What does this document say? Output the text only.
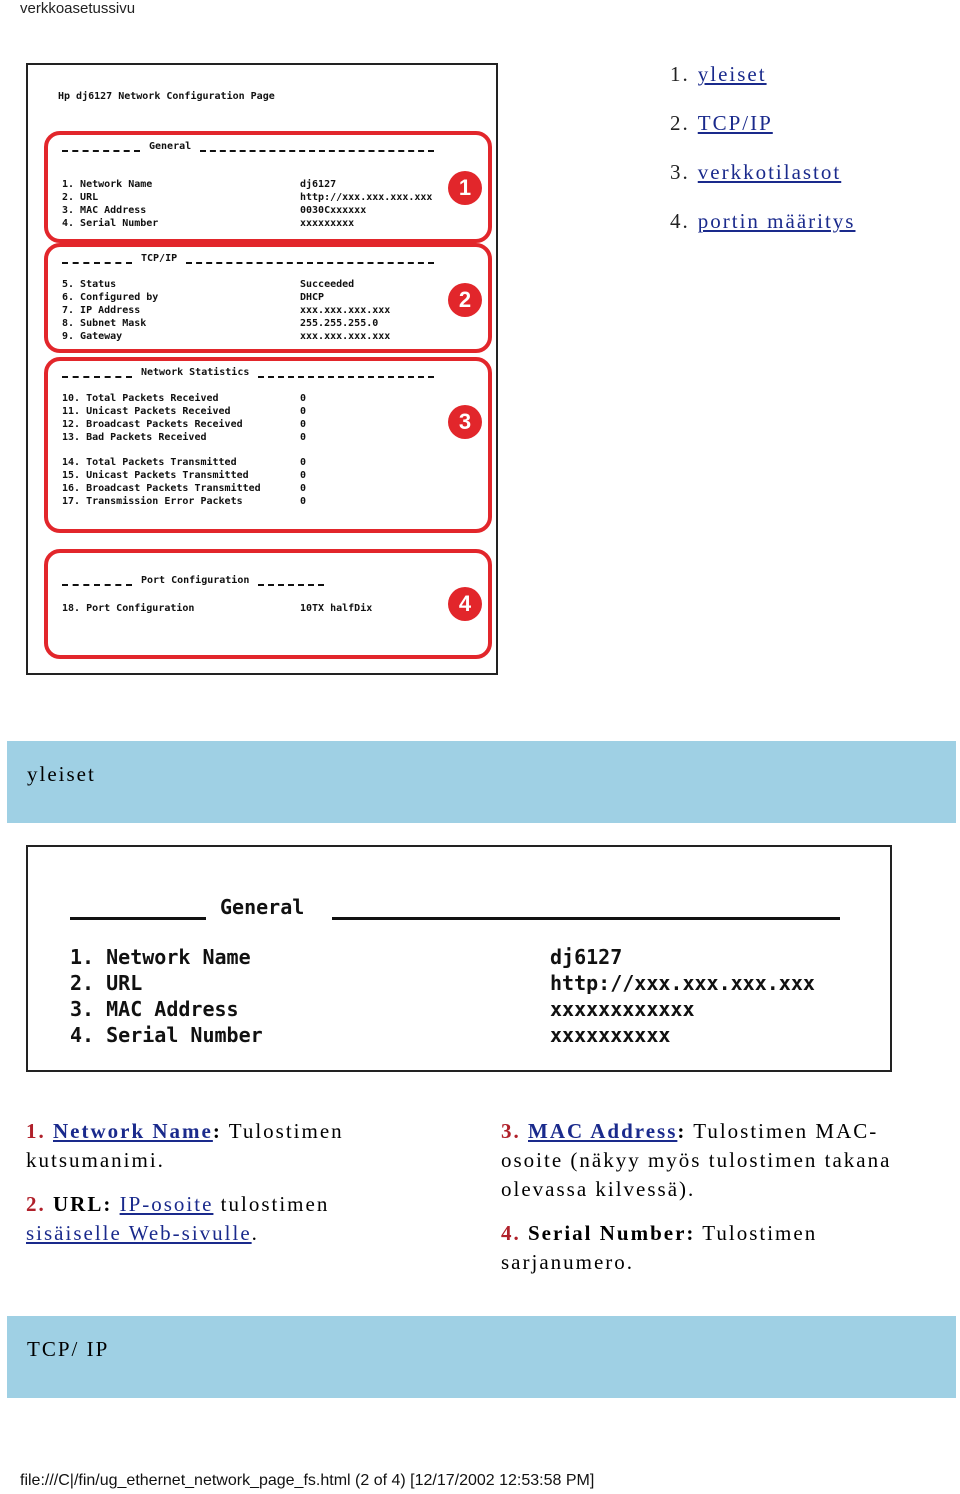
verkkoasetussivu
Hp dj6127 Network Configuration Page
General
1. Network Name	dj6127
2. URL	http://xxx.xxx.xxx.xxx
3. MAC Address	0030Cxxxxxx
4. Serial Number	xxxxxxxxx
1
TCP/IP
5. Status	Succeeded
6. Configured by	DHCP
7. IP Address	xxx.xxx.xxx.xxx
8. Subnet Mask	255.255.255.0
9. Gateway	xxx.xxx.xxx.xxx
2
Network Statistics
10. Total Packets Received	0
11. Unicast Packets Received	0
12. Broadcast Packets Received	0
13. Bad Packets Received	0
14. Total Packets Transmitted	0
15. Unicast Packets Transmitted	0
16. Broadcast Packets Transmitted	0
17. Transmission Error Packets	0
3
Port Configuration
18. Port Configuration	10TX halfDix	4
1. yleiset
2. TCP/IP
3. verkkotilastot
4. portin määritys
yleiset
General
1. Network Name	dj6127
2. URL	http://xxx.xxx.xxx.xxx
3. MAC Address	xxxxxxxxxxxx
4. Serial Number	xxxxxxxxxx

1. Network Name: Tulostimen kutsumanimi.

2. URL: IP-osoite tulostimen sisäiselle Web-sivulle.

3. MAC Address: Tulostimen MAC-osoite (näkyy myös tulostimen takana olevassa kilvessä).

4. Serial Number: Tulostimen sarjanumero.

TCP/ IP
file:///C|/fin/ug_ethernet_network_page_fs.html (2 of 4) [12/17/2002 12:53:58 PM]
